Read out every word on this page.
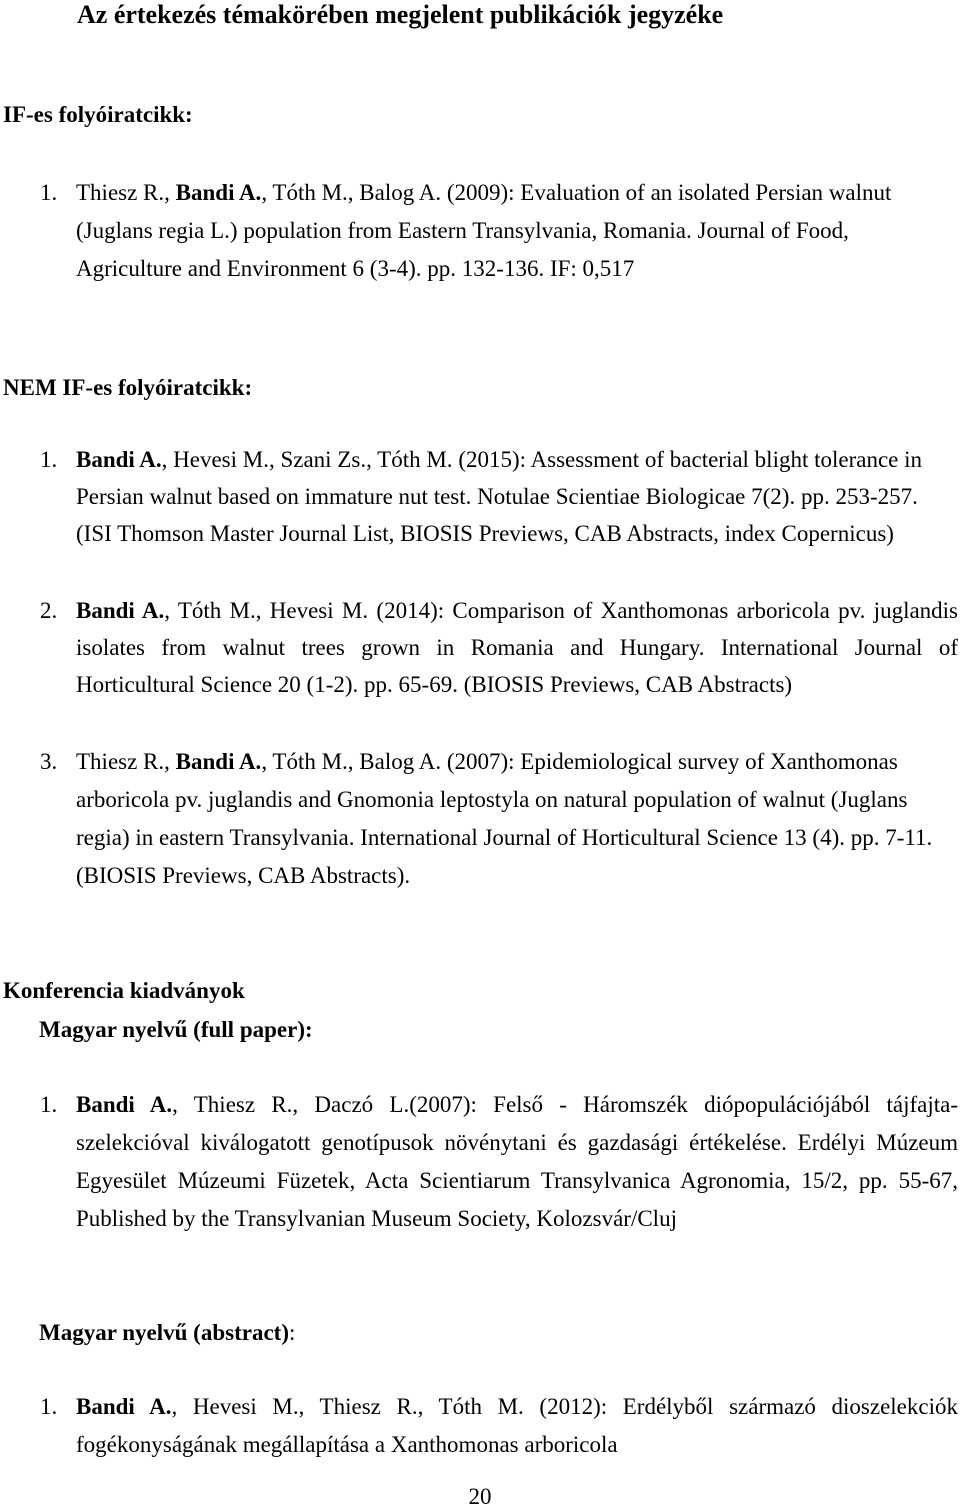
Az értekezés témakörében megjelent publikációk jegyzéke
IF-es folyóiratcikk:
1. Thiesz R., Bandi A., Tóth M., Balog A. (2009): Evaluation of an isolated Persian walnut (Juglans regia L.) population from Eastern Transylvania, Romania. Journal of Food, Agriculture and Environment 6 (3-4). pp. 132-136. IF: 0,517
NEM IF-es folyóiratcikk:
1. Bandi A., Hevesi M., Szani Zs., Tóth M. (2015): Assessment of bacterial blight tolerance in Persian walnut based on immature nut test. Notulae Scientiae Biologicae 7(2). pp. 253-257. (ISI Thomson Master Journal List, BIOSIS Previews, CAB Abstracts, index Copernicus)
2. Bandi A., Tóth M., Hevesi M. (2014): Comparison of Xanthomonas arboricola pv. juglandis isolates from walnut trees grown in Romania and Hungary. International Journal of Horticultural Science 20 (1-2). pp. 65-69. (BIOSIS Previews, CAB Abstracts)
3. Thiesz R., Bandi A., Tóth M., Balog A. (2007): Epidemiological survey of Xanthomonas arboricola pv. juglandis and Gnomonia leptostyla on natural population of walnut (Juglans regia) in eastern Transylvania. International Journal of Horticultural Science 13 (4). pp. 7-11. (BIOSIS Previews, CAB Abstracts).
Konferencia kiadványok
Magyar nyelvű (full paper):
1. Bandi A., Thiesz R., Daczó L.(2007): Felső - Háromszék diópopulációjából tájfajta- szelekcióval kiválogatott genotípusok növénytani és gazdasági értékelése. Erdélyi Múzeum Egyesület Múzeumi Füzetek, Acta Scientiarum Transylvanica Agronomia, 15/2, pp. 55-67, Published by the Transylvanian Museum Society, Kolozsvár/Cluj
Magyar nyelvű (abstract):
1. Bandi A., Hevesi M., Thiesz R., Tóth M. (2012): Erdélyből származó dioszelekciók fogékonyságának megállapítása a Xanthomonas arboricola
20
